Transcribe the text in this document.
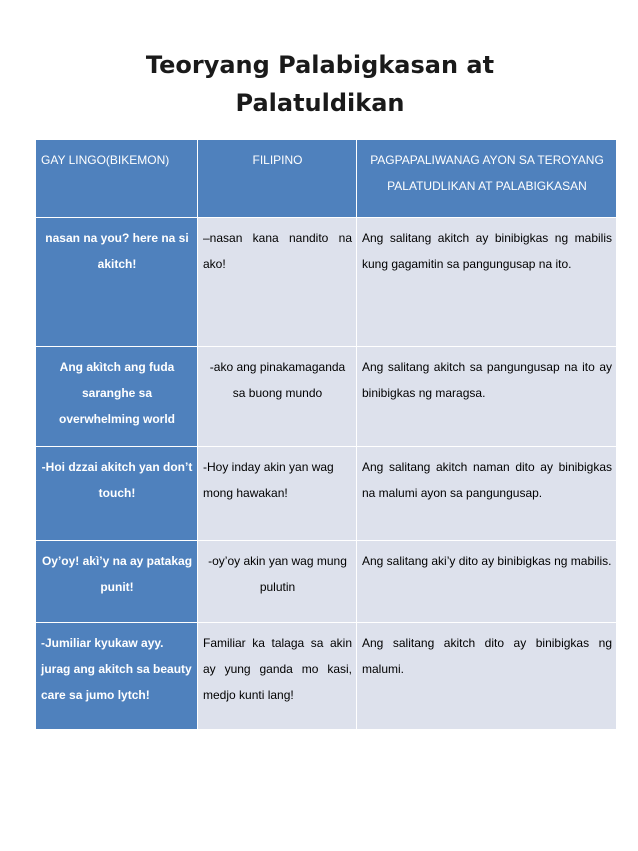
Teoryang Palabigkasan at Palatuldikan
GAY LINGO(BIKEMON)	FILIPINO	PAGPAPALIWANAG AYON SA TEROYANG PALATUDLIKAN AT PALABIGKASAN
nasan na you? here na si akitch!	–nasan kana nandito na ako!	Ang salitang akitch ay binibigkas ng mabilis kung gagamitin sa pangungusap na ito.
Ang akìtch ang fuda saranghe sa overwhelming world	-ako ang pinakamaganda sa buong mundo	Ang salitang akitch sa pangungusap na ito ay binibigkas ng maragsa.
-Hoi dzzai akitch yan don’t touch!	-Hoy inday akin yan wag mong hawakan!	Ang salitang akitch naman dito ay binibigkas na malumi ayon sa pangungusap.
Oy’oy! akì’y na ay patakag punit!	-oy’oy akin yan wag mung pulutin	Ang salitang aki’y dito ay binibigkas ng mabilis.
-Jumiliar kyukaw ayy. jurag ang akitch sa beauty care sa jumo lytch!	Familiar ka talaga sa akin ay yung ganda mo kasi, medjo kunti lang!	Ang salitang akitch dito ay binibigkas ng malumi.
